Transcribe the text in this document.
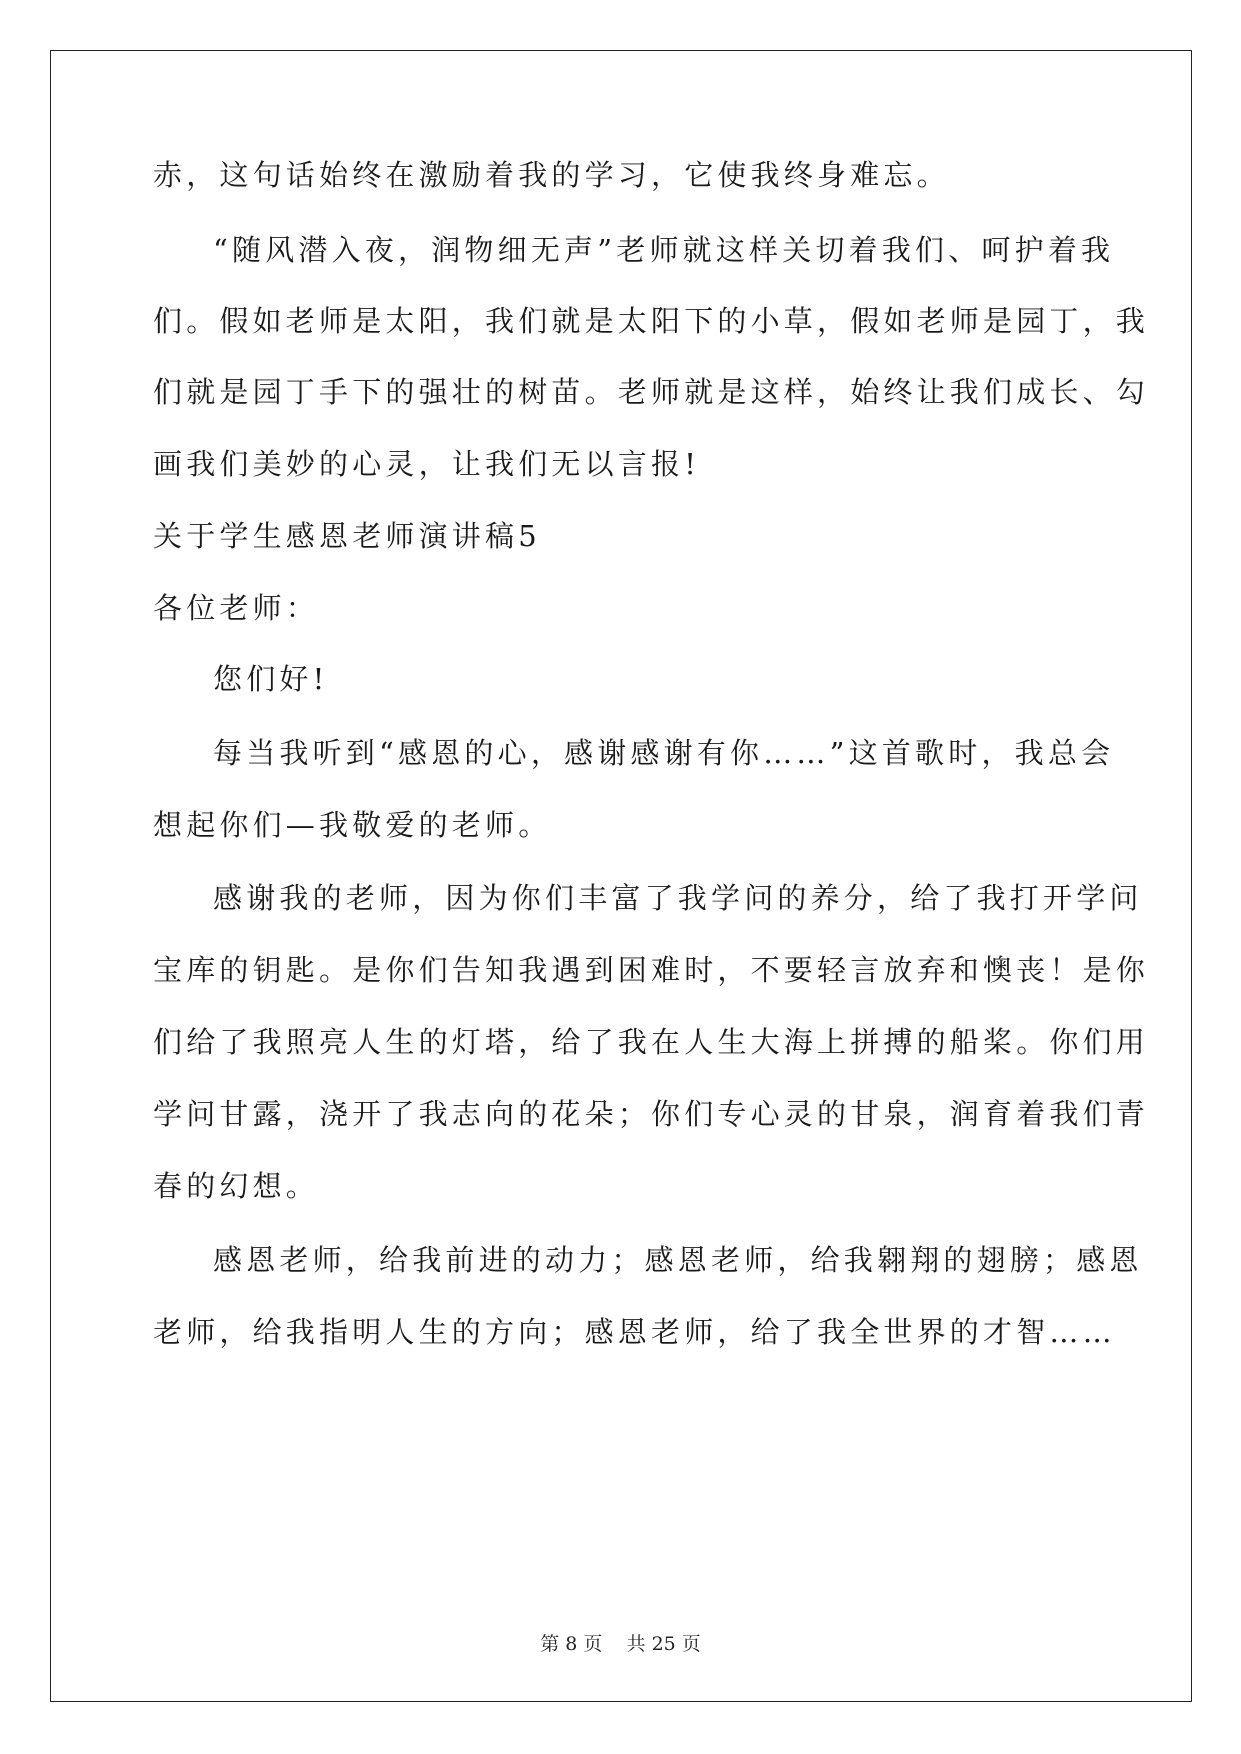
赤，这句话始终在激励着我的学习，它使我终身难忘。
“随风潜入夜，润物细无声”老师就这样关切着我们、呵护着我
们。假如老师是太阳，我们就是太阳下的小草，假如老师是园丁，我
们就是园丁手下的强壮的树苗。老师就是这样，始终让我们成长、勾
画我们美妙的心灵，让我们无以言报!
关于学生感恩老师演讲稿5
各位老师：
您们好!
每当我听到“感恩的心，感谢感谢有你……”这首歌时，我总会
想起你们—我敬爱的老师。
感谢我的老师，因为你们丰富了我学问的养分，给了我打开学问
宝库的钥匙。是你们告知我遇到困难时，不要轻言放弃和懊丧！是你
们给了我照亮人生的灯塔，给了我在人生大海上拼搏的船桨。你们用
学问甘露，浇开了我志向的花朵；你们专心灵的甘泉，润育着我们青
春的幻想。
感恩老师，给我前进的动力；感恩老师，给我翱翔的翅膀；感恩
老师，给我指明人生的方向；感恩老师，给了我全世界的才智……
第 8 页    共 25 页
